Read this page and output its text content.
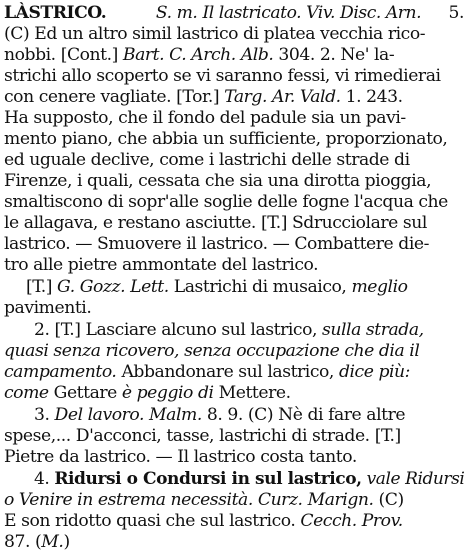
LÀSTRICO.
	S. m. Il lastricato. Viv. Disc. Arn. 5.
(C) Ed un altro simil lastrico di platea vecchia rico-
nobbi. [Cont.] Bart. C. Arch. Alb. 304. 2. Ne' la-
strichi allo scoperto se vi saranno fessi, vi rimedierai
con cenere vagliate. [Tor.] Targ. Ar. Vald. 1. 243.
Ha supposto, che il fondo del padule sia un pavi-
mento piano, che abbia un sufficiente, proporzionato,
ed uguale declive, come i lastrichi delle strade di
Firenze, i quali, cessata che sia una dirotta pioggia,
smaltiscono di sopr'alle soglie delle fogne l'acqua che
le allagava, e restano asciutte. [T.] Sdrucciolare sul
lastrico. — Smuovere il lastrico. — Combattere die-
tro alle pietre ammontate del lastrico.
[T.] G. Gozz. Lett. Lastrichi di musaico, meglio
pavimenti.
2. [T.] Lasciare alcuno sul lastrico, sulla strada,
quasi senza ricovero, senza occupazione che dia il
campamento. Abbandonare sul lastrico, dice più:
come Gettare è peggio di Mettere.
3. Del lavoro. Malm. 8. 9. (C) Nè di fare altre
spese,... D'acconci, tasse, lastrichi di strade. [T.]
Pietre da lastrico. — Il lastrico costa tanto.
4. Ridursi o Condursi in sul lastrico, vale Ridursi
o Venire in estrema necessità. Curz. Marign. (C)
E son ridotto quasi che sul lastrico. Cecch. Prov.
87. (M.)
